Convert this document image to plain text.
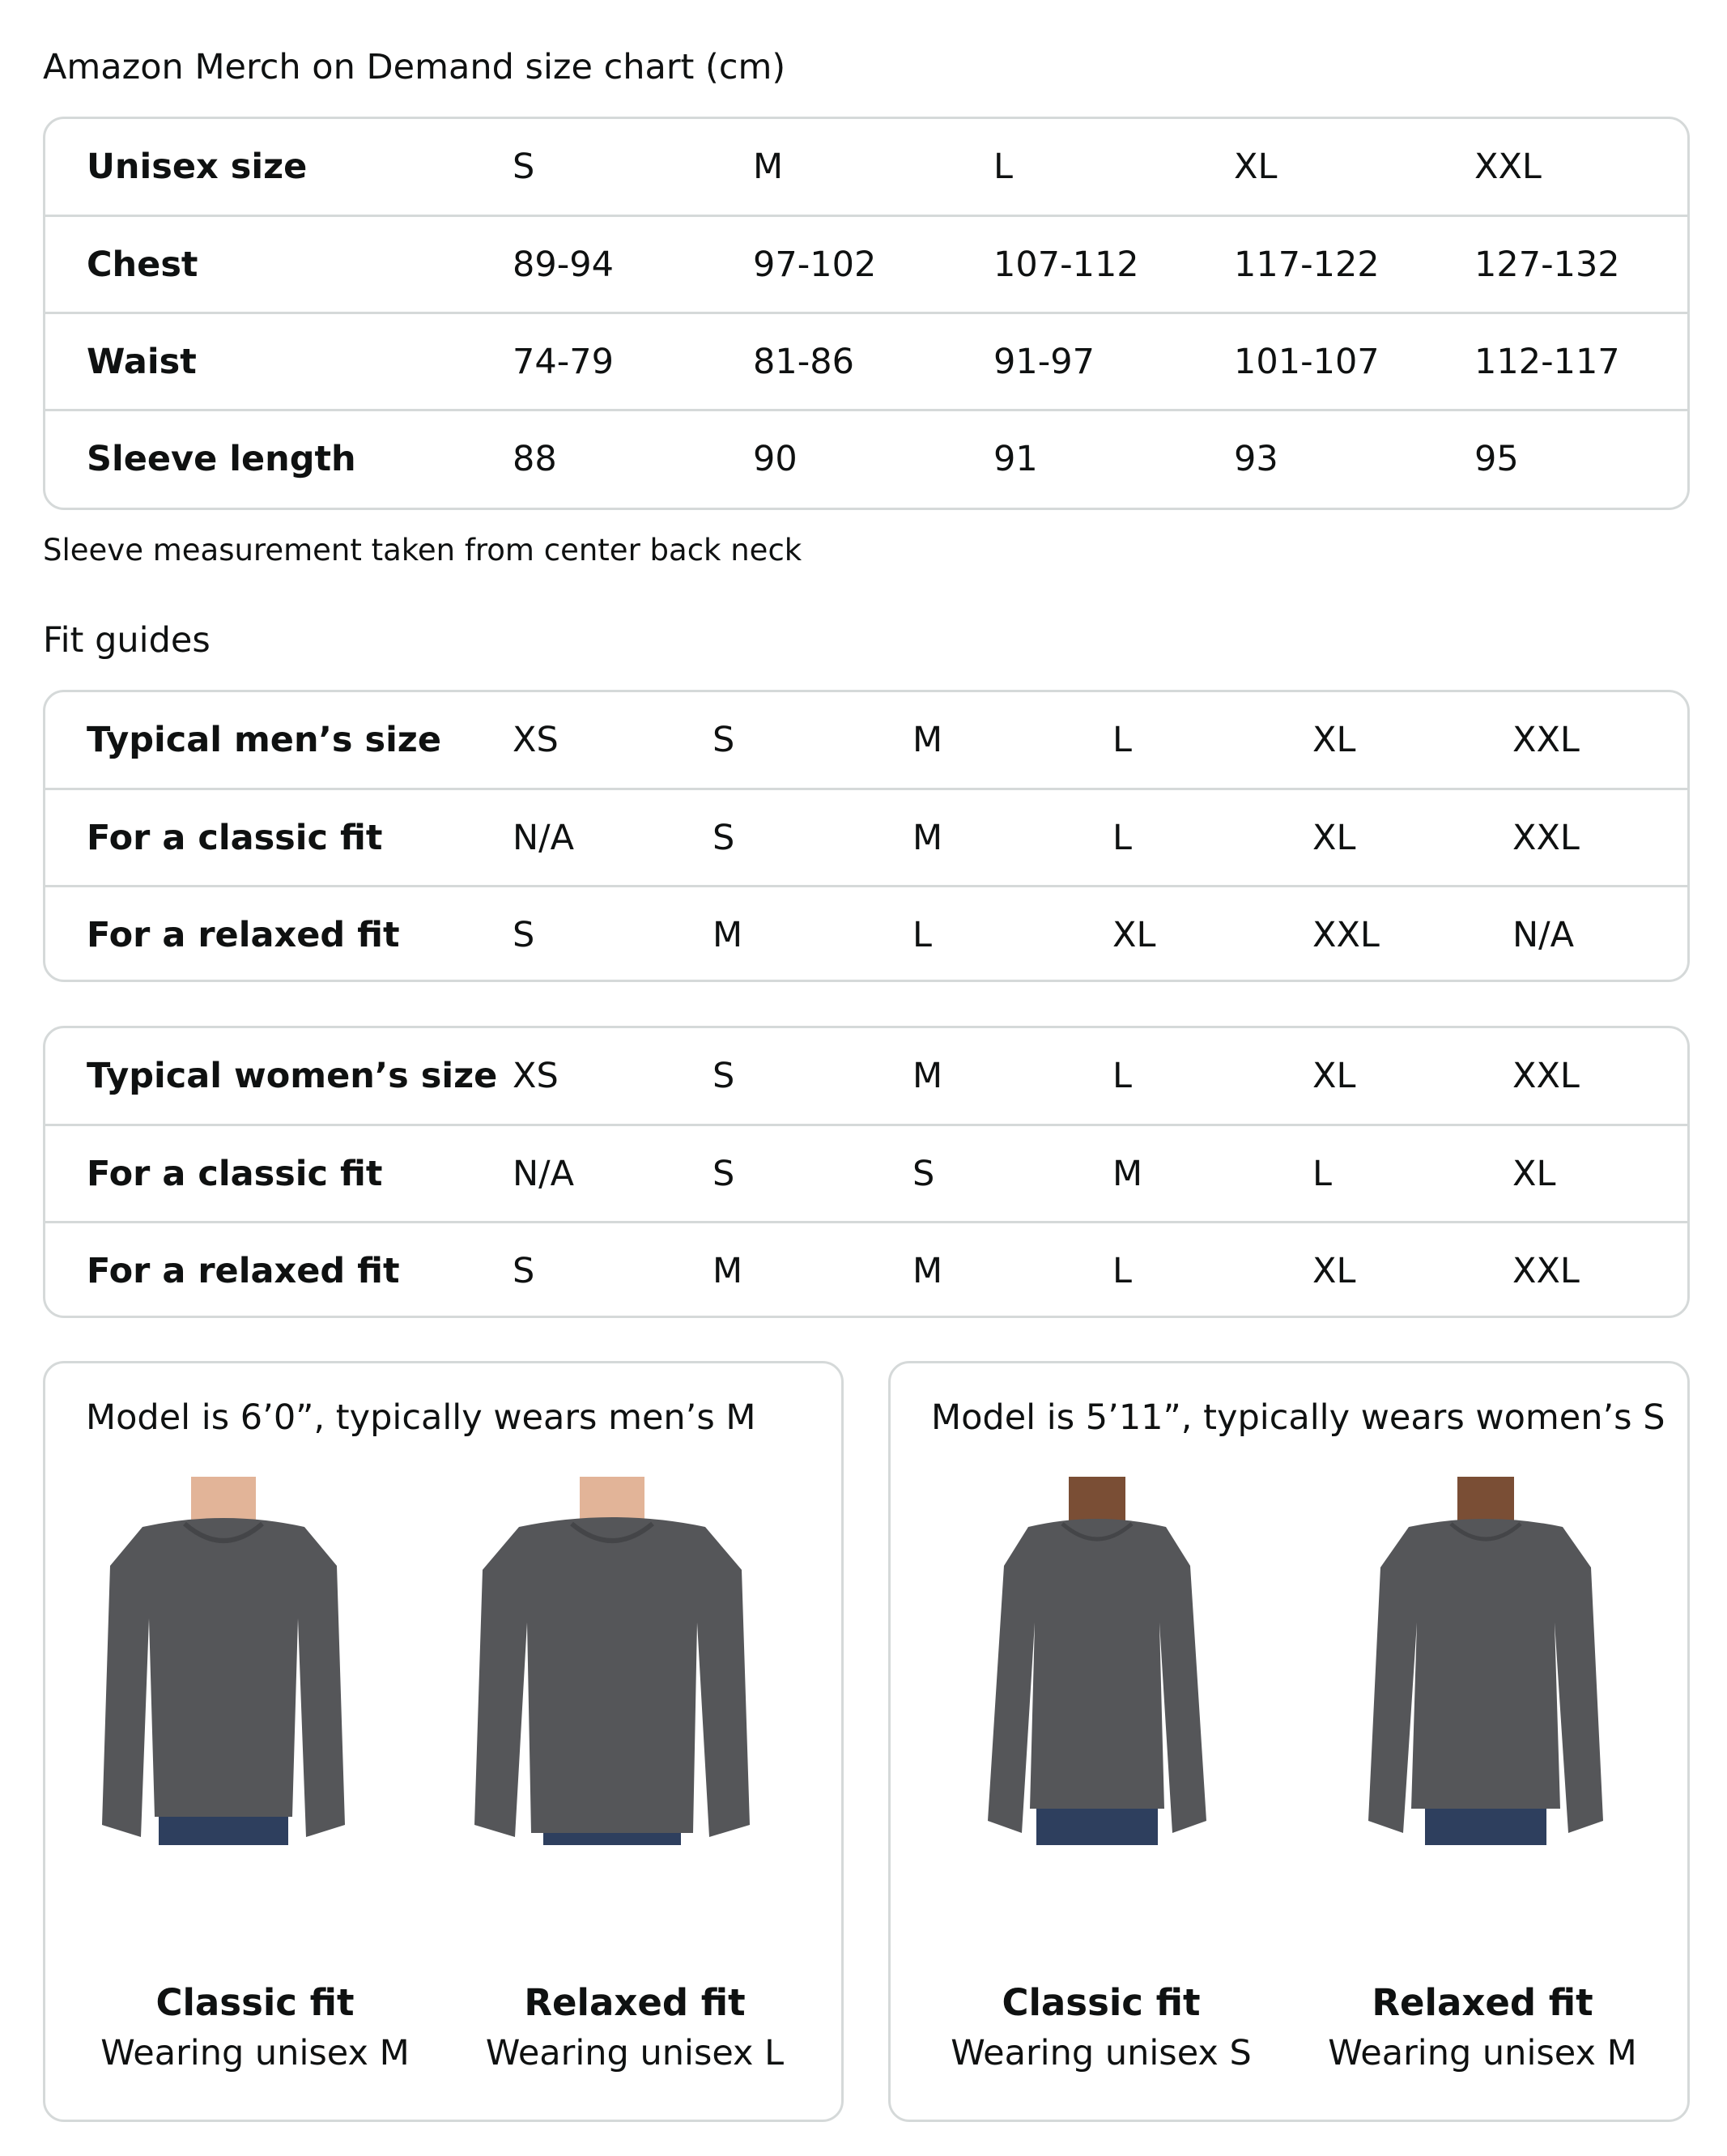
Amazon Merch on Demand size chart (cm)
Unisex size	S	M	L	XL	XXL
Chest	89-94	97-102	107-112	117-122	127-132
Waist	74-79	81-86	91-97	101-107	112-117
Sleeve length	88	90	91	93	95
Sleeve measurement taken from center back neck
Fit guides
Typical men’s size XS	S	M	L	XL	XXL
For a classic fit	N/A	S	M	L	XL	XXL
For a relaxed fit	S	M	L	XL	XXL	N/A
Typical women’s size XS	S	M	L	XL	XXL
For a classic fit	N/A	S	S	M	L	XL
For a relaxed fit	S	M	M	L	XL	XXL
Model is 6’0”, typically wears men’s M
Classic fit
Wearing unisex M
Relaxed fit
Wearing unisex L
Model is 5’11”, typically wears women’s S
Classic fit
Wearing unisex S
Relaxed fit
Wearing unisex M
